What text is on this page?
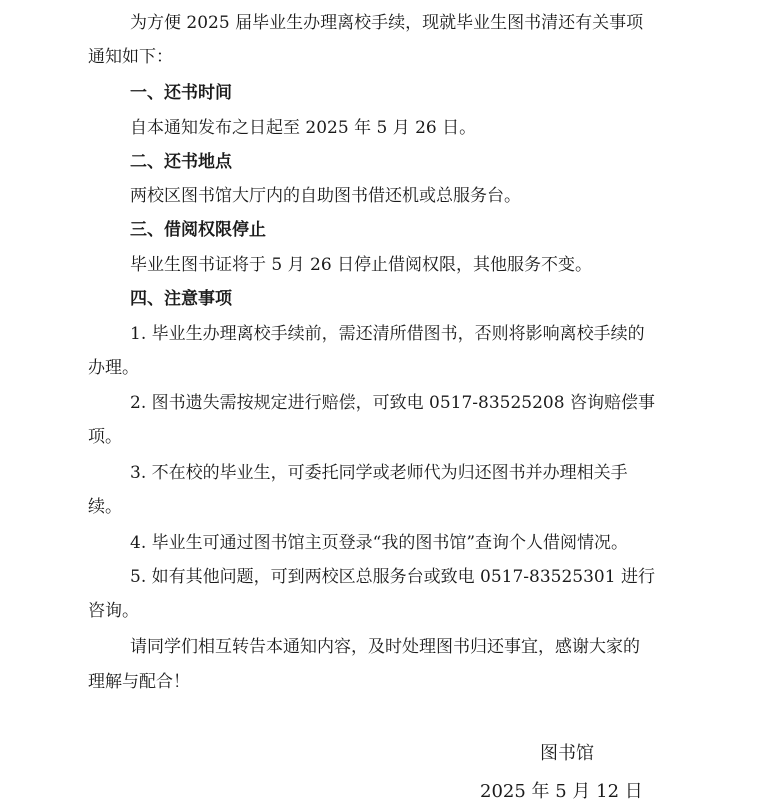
为方便 2025 届毕业生办理离校手续，现就毕业生图书清还有关事项
通知如下：
一、还书时间
自本通知发布之日起至 2025 年 5 月 26 日。
二、还书地点
两校区图书馆大厅内的自助图书借还机或总服务台。
三、借阅权限停止
毕业生图书证将于 5 月 26 日停止借阅权限，其他服务不变。
四、注意事项
1. 毕业生办理离校手续前，需还清所借图书，否则将影响离校手续的
办理。
2. 图书遗失需按规定进行赔偿，可致电 0517-83525208 咨询赔偿事
项。
3. 不在校的毕业生，可委托同学或老师代为归还图书并办理相关手
续。
4. 毕业生可通过图书馆主页登录“我的图书馆”查询个人借阅情况。
5. 如有其他问题，可到两校区总服务台或致电 0517-83525301 进行
咨询。
请同学们相互转告本通知内容，及时处理图书归还事宜，感谢大家的
理解与配合！
图书馆
2025 年 5 月 12 日
